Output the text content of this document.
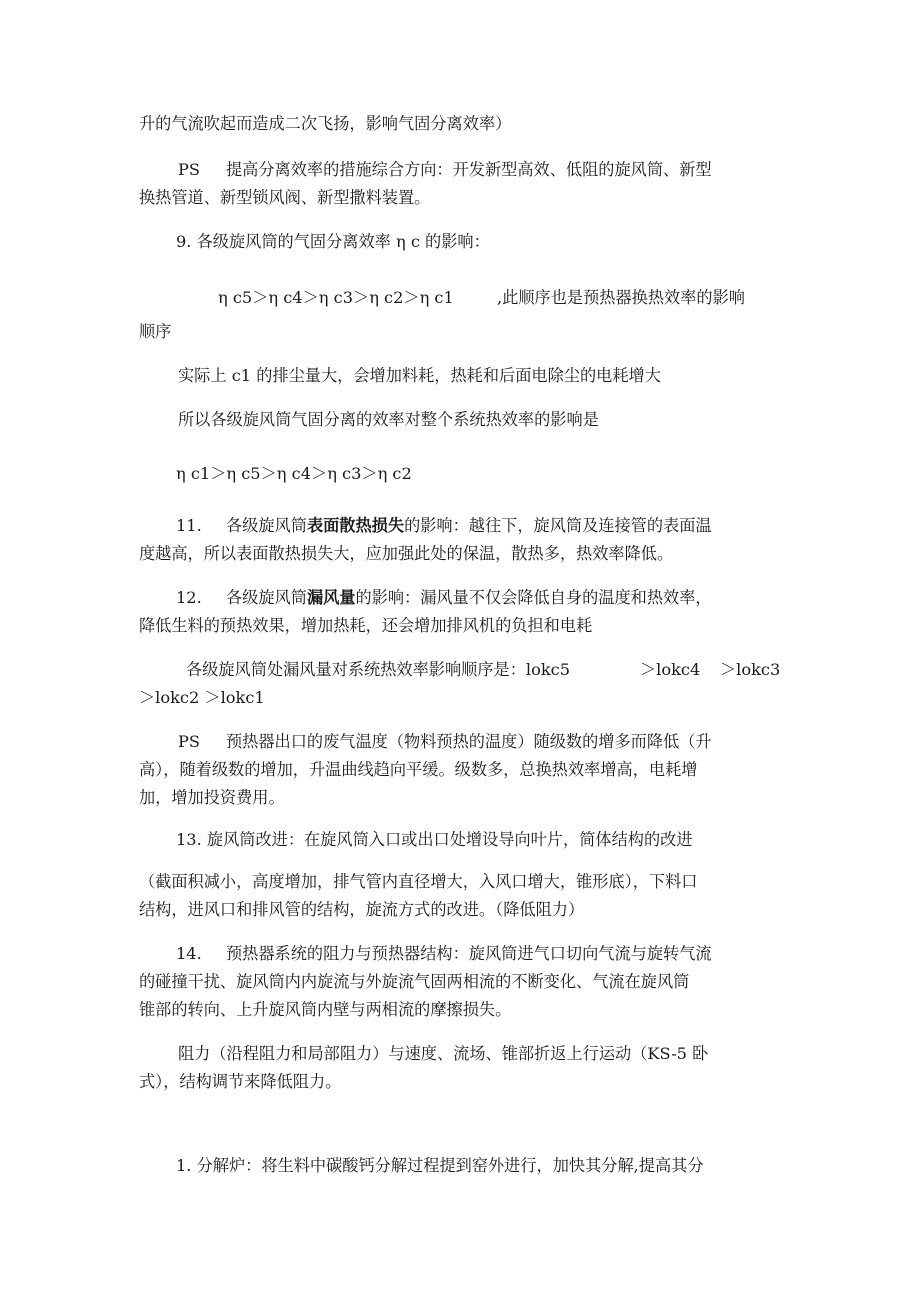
升的气流吹起而造成二次飞扬，影响气固分离效率）
PS 提高分离效率的措施综合方向：开发新型高效、低阻的旋风筒、新型
换热管道、新型锁风阀、新型撒料装置。
9. 各级旋风筒的气固分离效率 η c 的影响：
η c5＞η c4＞η c3＞η c2＞η c1	,此顺序也是预热器换热效率的影响
顺序
实际上 c1 的排尘量大，会增加料耗，热耗和后面电除尘的电耗增大
所以各级旋风筒气固分离的效率对整个系统热效率的影响是
η c1＞η c5＞η c4＞η c3＞η c2
11. 各级旋风筒表面散热损失的影响：越往下，旋风筒及连接管的表面温
度越高，所以表面散热损失大，应加强此处的保温，散热多，热效率降低。
12. 各级旋风筒漏风量的影响：漏风量不仅会降低自身的温度和热效率，
降低生料的预热效果，增加热耗，还会增加排风机的负担和电耗
各级旋风筒处漏风量对系统热效率影响顺序是：lokc5	＞lokc4 ＞lokc3
＞lokc2 ＞lokc1
PS 预热器出口的废气温度（物料预热的温度）随级数的增多而降低（升
高），随着级数的增加，升温曲线趋向平缓。级数多，总换热效率增高，电耗增
加，增加投资费用。
13. 旋风筒改进：在旋风筒入口或出口处增设导向叶片，简体结构的改进
（截面积减小，高度增加，排气管内直径增大，入风口增大，锥形底），下料口
结构，进风口和排风管的结构，旋流方式的改进。（降低阻力）
14. 预热器系统的阻力与预热器结构：旋风筒进气口切向气流与旋转气流
的碰撞干扰、旋风筒内内旋流与外旋流气固两相流的不断变化、气流在旋风筒
锥部的转向、上升旋风筒内壁与两相流的摩擦损失。
阻力（沿程阻力和局部阻力）与速度、流场、锥部折返上行运动（KS-5 卧
式），结构调节来降低阻力。
1. 分解炉：将生料中碳酸钙分解过程提到窑外进行，加快其分解,提高其分
